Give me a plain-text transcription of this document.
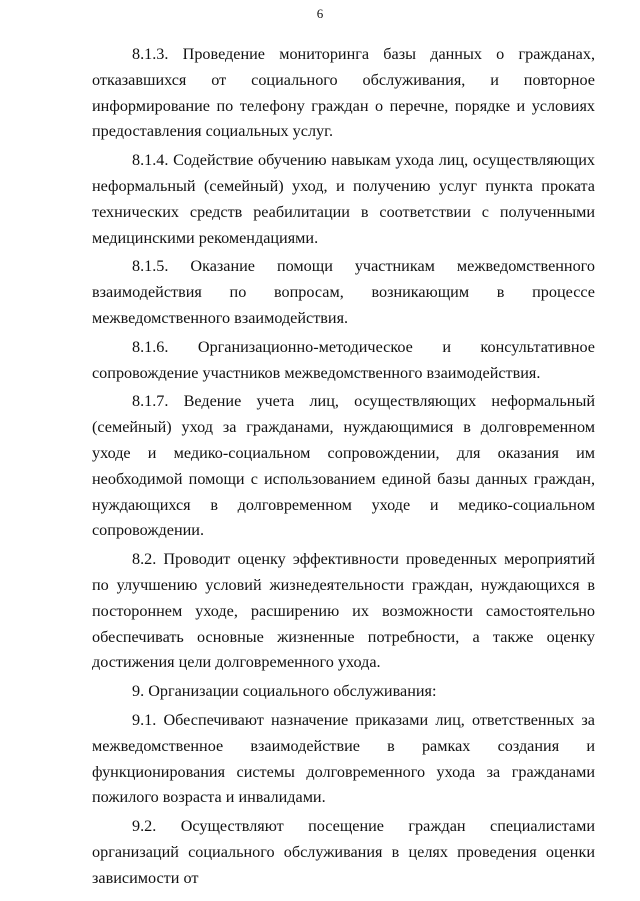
6

8.1.3. Проведение мониторинга базы данных о гражданах, отказавшихся от социального обслуживания, и повторное информирование по телефону граждан о перечне, порядке и условиях предоставления социальных услуг.

8.1.4. Содействие обучению навыкам ухода лиц, осуществляющих неформальный (семейный) уход, и получению услуг пункта проката технических средств реабилитации в соответствии с полученными медицинскими рекомендациями.

8.1.5. Оказание помощи участникам межведомственного взаимодействия по вопросам, возникающим в процессе межведомственного взаимодействия.

8.1.6. Организационно-методическое и консультативное сопровождение участников межведомственного взаимодействия.

8.1.7. Ведение учета лиц, осуществляющих неформальный (семейный) уход за гражданами, нуждающимися в долговременном уходе и медико-социальном сопровождении, для оказания им необходимой помощи с использованием единой базы данных граждан, нуждающихся в долговременном уходе и медико-социальном сопровождении.

8.2. Проводит оценку эффективности проведенных мероприятий по улучшению условий жизнедеятельности граждан, нуждающихся в постороннем уходе, расширению их возможности самостоятельно обеспечивать основные жизненные потребности, а также оценку достижения цели долговременного ухода.

9. Организации социального обслуживания:

9.1. Обеспечивают назначение приказами лиц, ответственных за межведомственное взаимодействие в рамках создания и функционирования системы долговременного ухода за гражданами пожилого возраста и инвалидами.

9.2. Осуществляют посещение граждан специалистами организаций социального обслуживания в целях проведения оценки зависимости от
